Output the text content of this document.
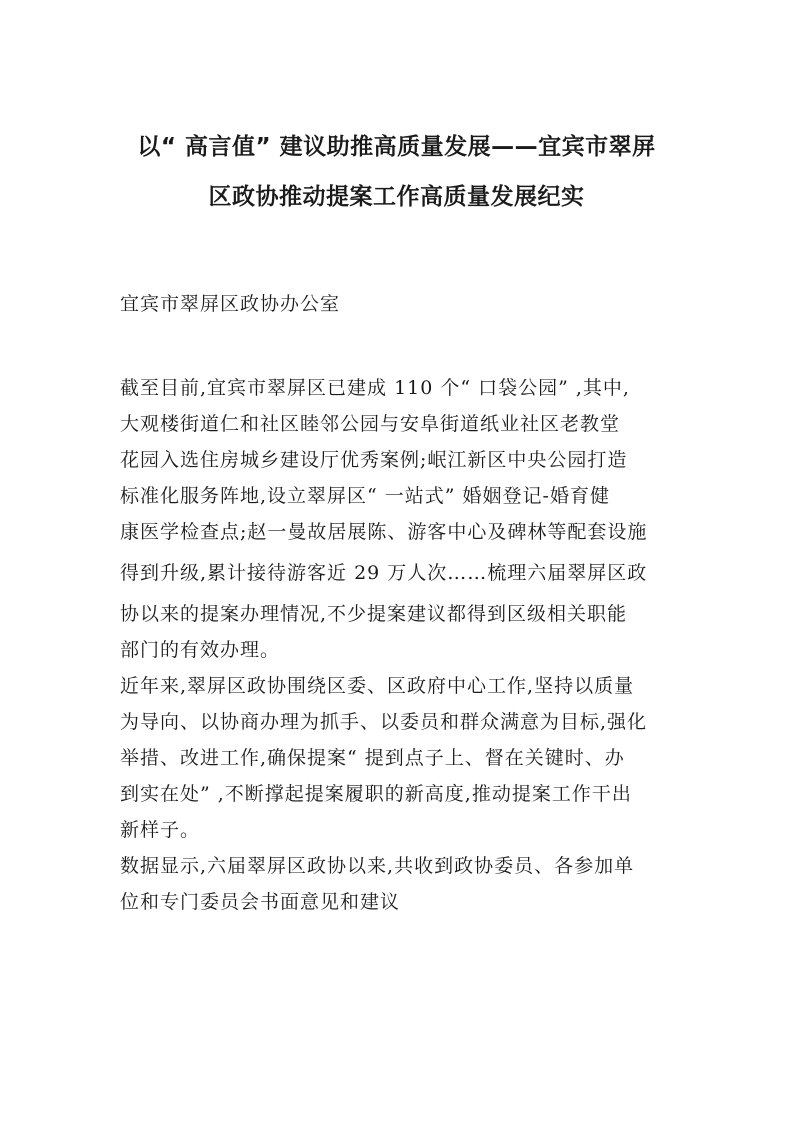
以“ 高言值” 建议助推高质量发展——宜宾市翠屏
区政协推动提案工作高质量发展纪实
宜宾市翠屏区政协办公室

截至目前,宜宾市翠屏区已建成 110 个“ 口袋公园” ,其中,
大观楼街道仁和社区睦邻公园与安阜街道纸业社区老教堂
花园入选住房城乡建设厅优秀案例;岷江新区中央公园打造
标准化服务阵地,设立翠屏区“ 一站式” 婚姻登记-婚育健
康医学检查点;赵一曼故居展陈、游客中心及碑林等配套设施
得到升级,累计接待游客近 29 万人次……梳理六届翠屏区政
协以来的提案办理情况,不少提案建议都得到区级相关职能
部门的有效办理。

近年来,翠屏区政协围绕区委、区政府中心工作,坚持以质量
为导向、以协商办理为抓手、以委员和群众满意为目标,强化
举措、改进工作,确保提案“ 提到点子上、督在关键时、办
到实在处” ,不断撑起提案履职的新高度,推动提案工作干出
新样子。

数据显示,六届翠屏区政协以来,共收到政协委员、各参加单
位和专门委员会书面意见和建议
